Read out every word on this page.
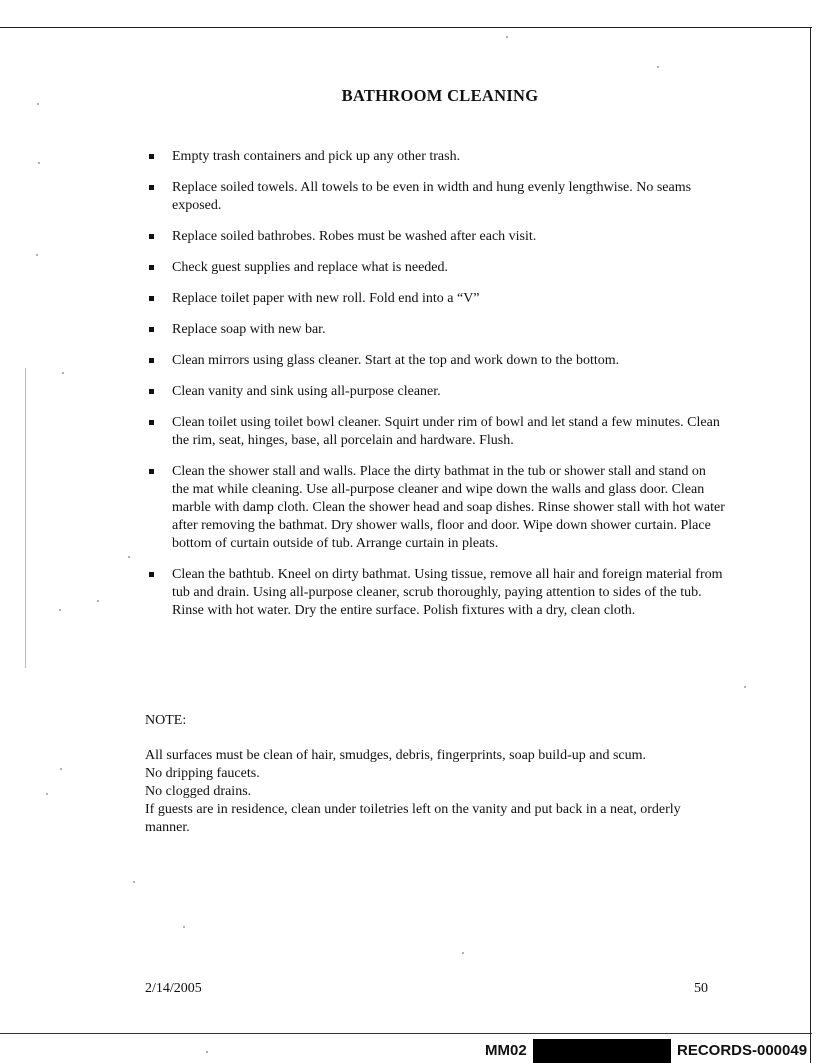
BATHROOM CLEANING
Empty trash containers and pick up any other trash.
Replace soiled towels. All towels to be even in width and hung evenly lengthwise. No seams exposed.
Replace soiled bathrobes. Robes must be washed after each visit.
Check guest supplies and replace what is needed.
Replace toilet paper with new roll. Fold end into a “V”
Replace soap with new bar.
Clean mirrors using glass cleaner. Start at the top and work down to the bottom.
Clean vanity and sink using all-purpose cleaner.
Clean toilet using toilet bowl cleaner. Squirt under rim of bowl and let stand a few minutes. Clean the rim, seat, hinges, base, all porcelain and hardware. Flush.
Clean the shower stall and walls. Place the dirty bathmat in the tub or shower stall and stand on the mat while cleaning. Use all-purpose cleaner and wipe down the walls and glass door. Clean marble with damp cloth. Clean the shower head and soap dishes. Rinse shower stall with hot water after removing the bathmat. Dry shower walls, floor and door. Wipe down shower curtain. Place bottom of curtain outside of tub. Arrange curtain in pleats.
Clean the bathtub. Kneel on dirty bathmat. Using tissue, remove all hair and foreign material from tub and drain. Using all-purpose cleaner, scrub thoroughly, paying attention to sides of the tub. Rinse with hot water. Dry the entire surface. Polish fixtures with a dry, clean cloth.
NOTE:

All surfaces must be clean of hair, smudges, debris, fingerprints, soap build-up and scum.

No dripping faucets.

No clogged drains.

If guests are in residence, clean under toiletries left on the vanity and put back in a neat, orderly manner.

2/14/2005	50
MM02	RECORDS-000049
